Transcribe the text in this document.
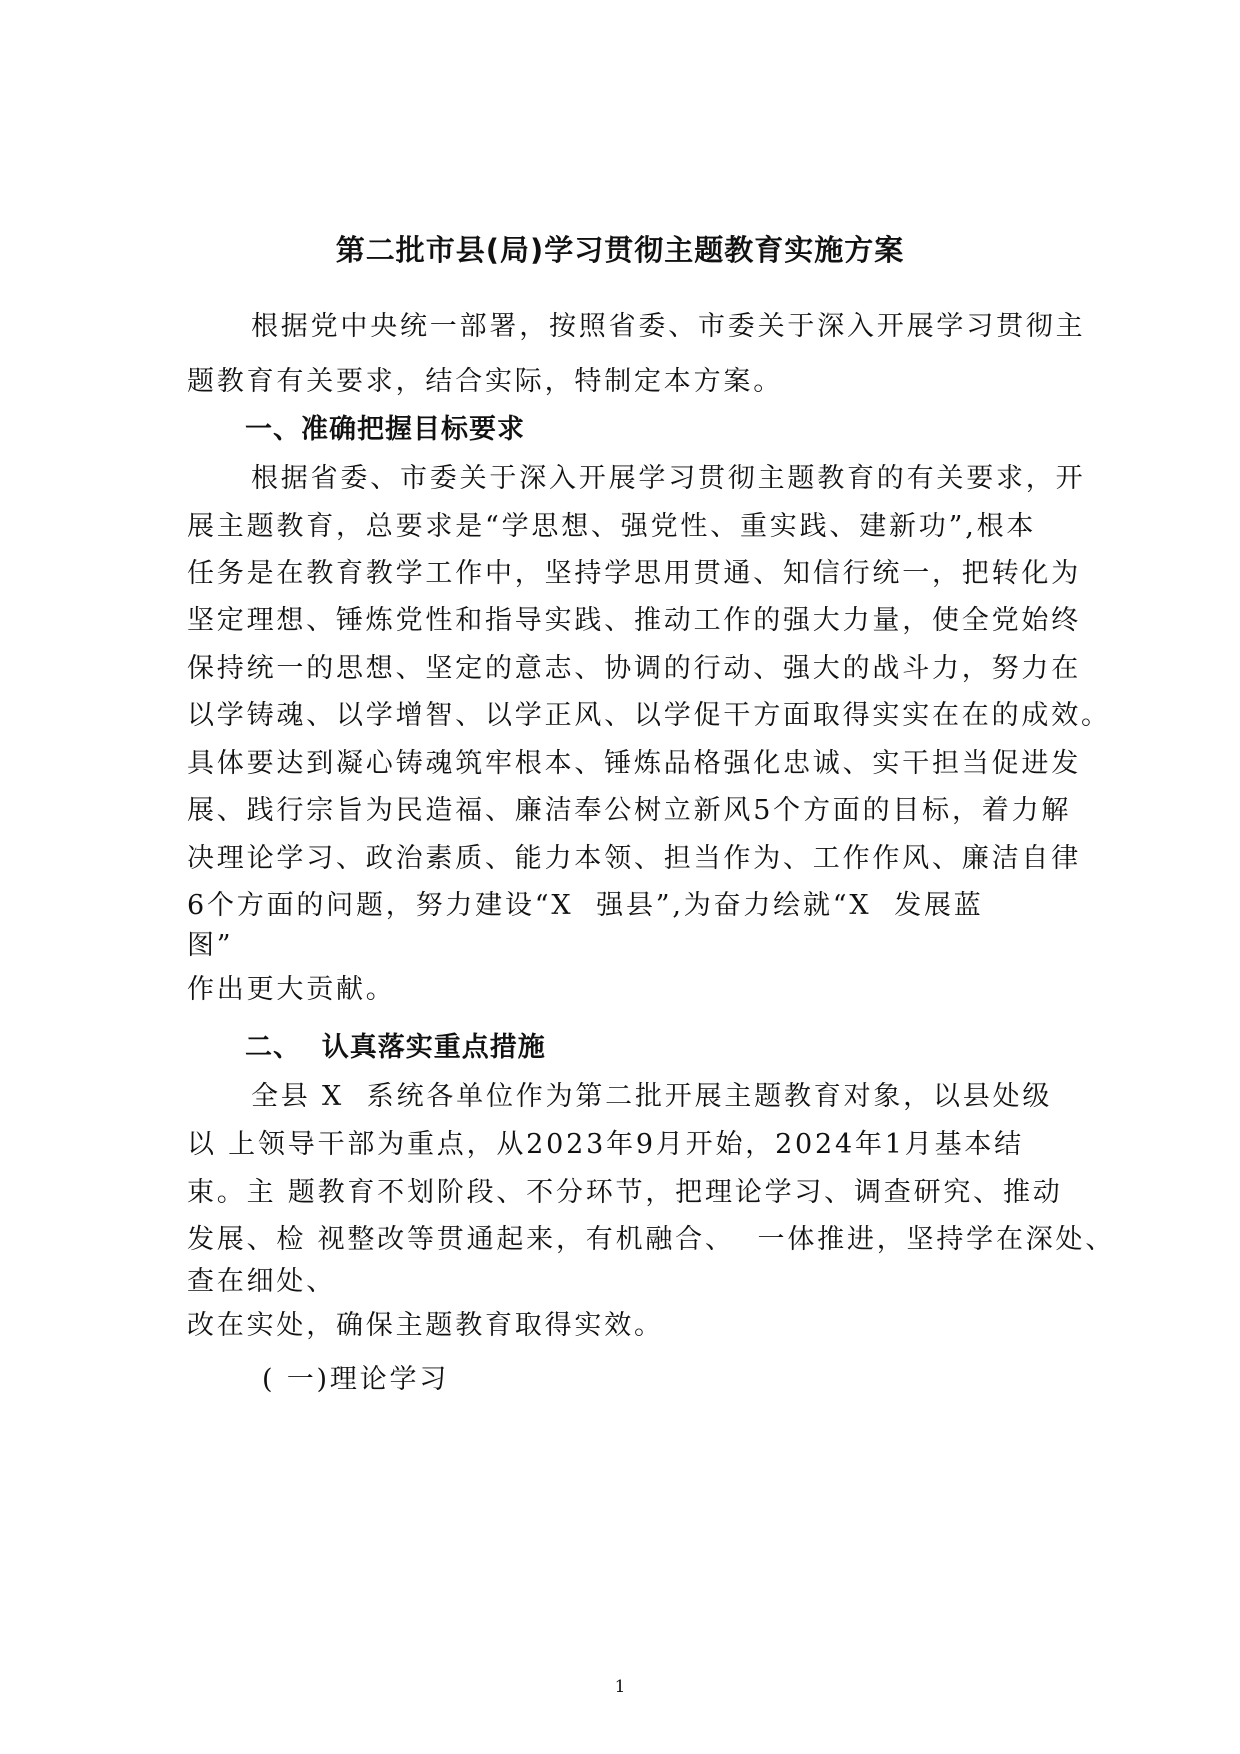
第二批市县(局)学习贯彻主题教育实施方案

根据党中央统一部署，按照省委、市委关于深入开展学习贯彻主

题教育有关要求，结合实际，特制定本方案。

一、准确把握目标要求

根据省委、市委关于深入开展学习贯彻主题教育的有关要求，开

展主题教育，总要求是“学思想、强党性、重实践、建新功”,根本

任务是在教育教学工作中，坚持学思用贯通、知信行统一，把转化为

坚定理想、锤炼党性和指导实践、推动工作的强大力量，使全党始终

保持统一的思想、坚定的意志、协调的行动、强大的战斗力，努力在

以学铸魂、以学增智、以学正风、以学促干方面取得实实在在的成效。

具体要达到凝心铸魂筑牢根本、锤炼品格强化忠诚、实干担当促进发

展、践行宗旨为民造福、廉洁奉公树立新风5个方面的目标，着力解

决理论学习、政治素质、能力本领、担当作为、工作作风、廉洁自律

6个方面的问题，努力建设“X  强县”,为奋力绘就“X  发展蓝

图”

作出更大贡献。

二、  认真落实重点措施

全县 X  系统各单位作为第二批开展主题教育对象，以县处级

以 上领导干部为重点，从2023年9月开始，2024年1月基本结

束。主 题教育不划阶段、不分环节，把理论学习、调查研究、推动

发展、检 视整改等贯通起来，有机融合、  一体推进，坚持学在深处、

查在细处、

改在实处，确保主题教育取得实效。

( 一)理论学习

1
